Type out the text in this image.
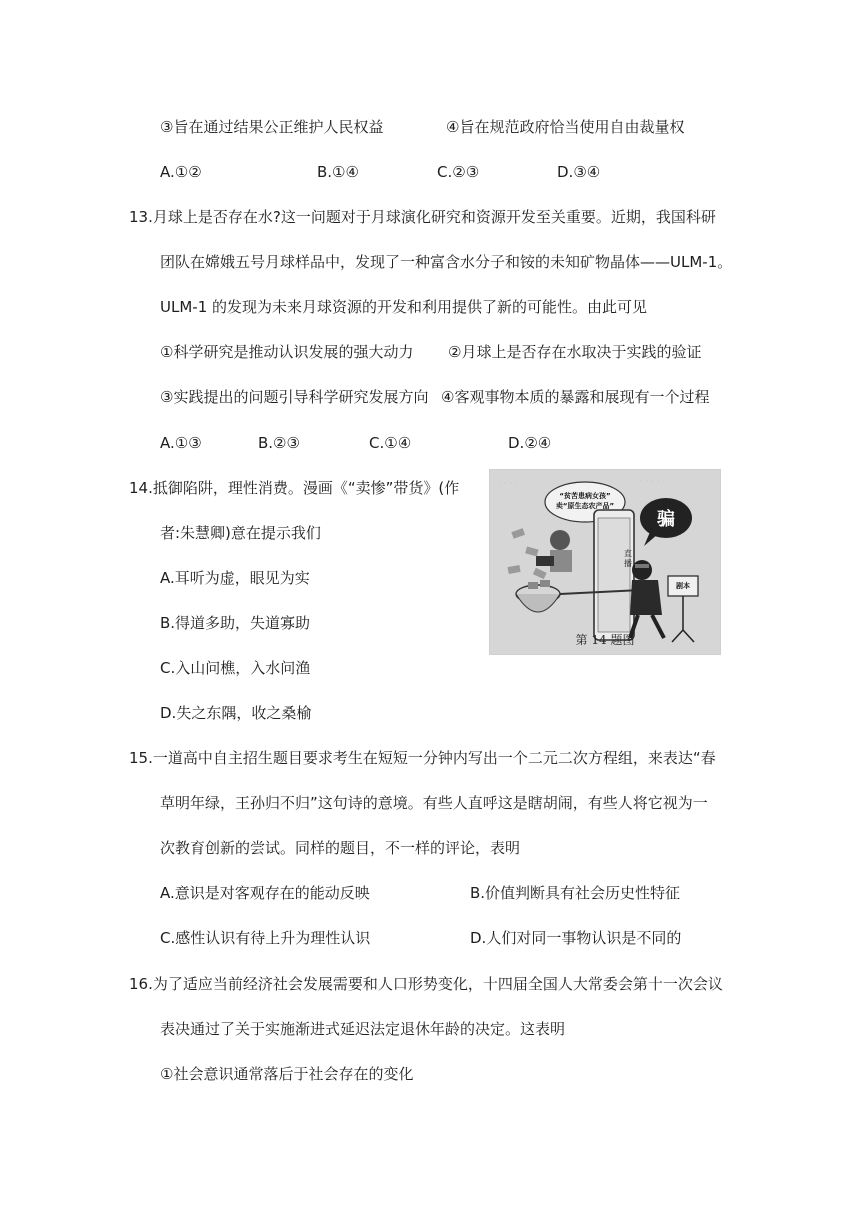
③旨在通过结果公正维护人民权益	④旨在规范政府恰当使用自由裁量权
A.①②	B.①④	C.②③	D.③④
13.月球上是否存在水?这一问题对于月球演化研究和资源开发至关重要。近期，我国科研
团队在嫦娥五号月球样品中，发现了一种富含水分子和铵的未知矿物晶体——ULM-1。
ULM-1 的发现为未来月球资源的开发和利用提供了新的可能性。由此可见
①科学研究是推动认识发展的强大动力 ②月球上是否存在水取决于实践的验证
③实践提出的问题引导科学研究发展方向 ④客观事物本质的暴露和展现有一个过程
A.①③	B.②③	C.①④	D.②④
14.抵御陷阱，理性消费。漫画《“卖惨”带货》(作
者:朱慧卿)意在提示我们
A.耳听为虚，眼见为实
B.得道多助，失道寡助
C.入山问樵，入水问渔
D.失之东隅，收之桑榆
· · · · ·	· · · ·
“贫苦患病女孩”
卖“原生态农产品”
直
播
骗
剧本
第 14 题图
15.一道高中自主招生题目要求考生在短短一分钟内写出一个二元二次方程组，来表达“春
草明年绿，王孙归不归”这句诗的意境。有些人直呼这是瞎胡闹，有些人将它视为一
次教育创新的尝试。同样的题目，不一样的评论，表明
A.意识是对客观存在的能动反映	B.价值判断具有社会历史性特征
C.感性认识有待上升为理性认识	D.人们对同一事物认识是不同的
16.为了适应当前经济社会发展需要和人口形势变化，十四届全国人大常委会第十一次会议
表决通过了关于实施渐进式延迟法定退休年龄的决定。这表明
①社会意识通常落后于社会存在的变化
